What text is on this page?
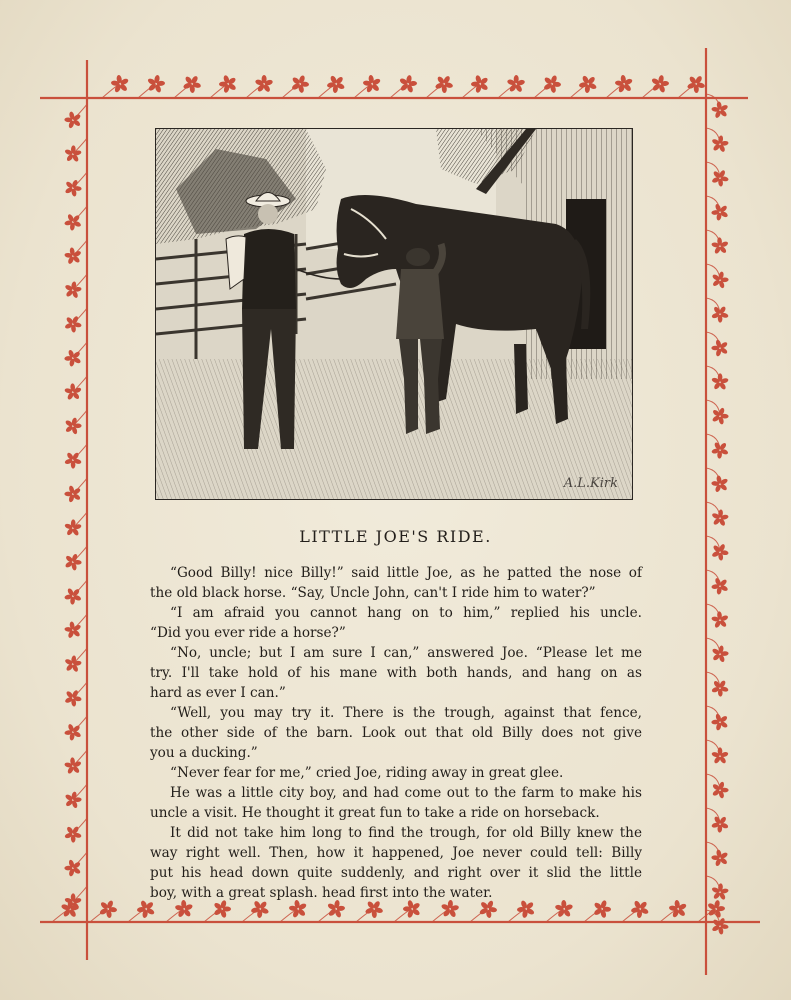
A.L.Kirk
LITTLE JOE'S RIDE.
“Good Billy! nice Billy!” said little Joe, as he patted the nose of
the old black horse. “Say, Uncle John, can't I ride him to water?”
“I am afraid you cannot hang on to him,” replied his uncle.
“Did you ever ride a horse?”
“No, uncle; but I am sure I can,” answered Joe. “Please let me
try. I'll take hold of his mane with both hands, and hang on as
hard as ever I can.”
“Well, you may try it. There is the trough, against that fence,
the other side of the barn. Look out that old Billy does not give
you a ducking.”
“Never fear for me,” cried Joe, riding away in great glee.
He was a little city boy, and had come out to the farm to make his
uncle a visit. He thought it great fun to take a ride on horseback.
It did not take him long to find the trough, for old Billy knew the
way right well. Then, how it happened, Joe never could tell: Billy
put his head down quite suddenly, and right over it slid the little
boy, with a great splash. head first into the water.
